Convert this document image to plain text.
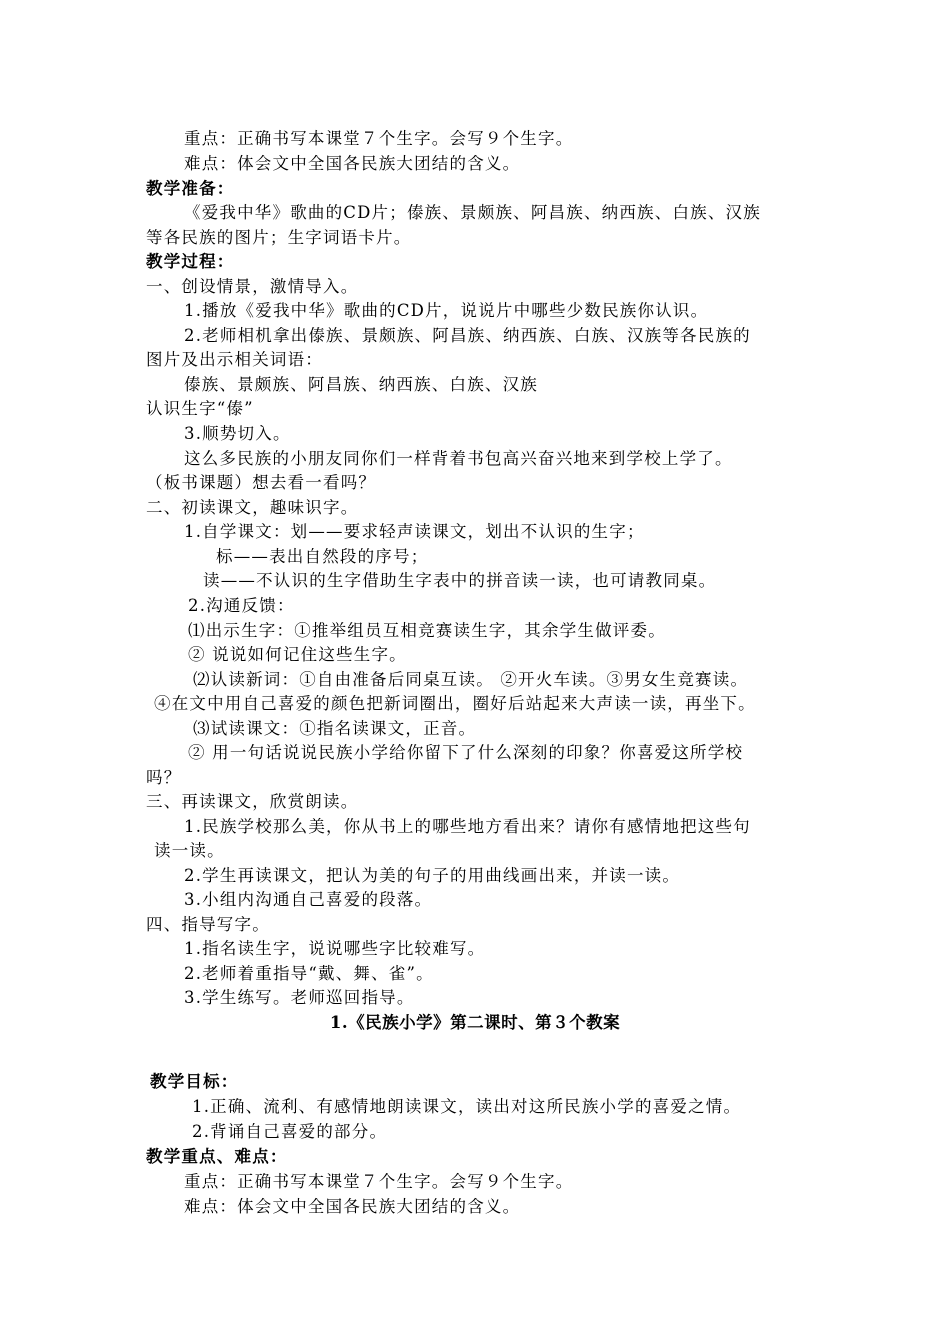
重点：正确书写本课堂７个生字。会写９个生字。
难点：体会文中全国各民族大团结的含义。
教学准备：
《爱我中华》歌曲的CD片；傣族、景颇族、阿昌族、纳西族、白族、汉族
等各民族的图片；生字词语卡片。
教学过程：
一、创设情景，激情导入。
1.播放《爱我中华》歌曲的CD片，说说片中哪些少数民族你认识。
2.老师相机拿出傣族、景颇族、阿昌族、纳西族、白族、汉族等各民族的
图片及出示相关词语：
傣族、景颇族、阿昌族、纳西族、白族、汉族
认识生字“傣”
3.顺势切入。
这么多民族的小朋友同你们一样背着书包高兴奋兴地来到学校上学了。
（板书课题）想去看一看吗？
二、初读课文，趣味识字。
1.自学课文：划——要求轻声读课文，划出不认识的生字；
标——表出自然段的序号；
读——不认识的生字借助生字表中的拼音读一读，也可请教同桌。
2.沟通反馈：
⑴出示生字：①推举组员互相竞赛读生字，其余学生做评委。
② 说说如何记住这些生字。
⑵认读新词：①自由准备后同桌互读。 ②开火车读。③男女生竞赛读。
④在文中用自己喜爱的颜色把新词圈出，圈好后站起来大声读一读，再坐下。
⑶试读课文：①指名读课文，正音。
② 用一句话说说民族小学给你留下了什么深刻的印象？你喜爱这所学校
吗？
三、再读课文，欣赏朗读。
1.民族学校那么美，你从书上的哪些地方看出来？请你有感情地把这些句
读一读。
2.学生再读课文，把认为美的句子的用曲线画出来，并读一读。
3.小组内沟通自己喜爱的段落。
四、指导写字。
1.指名读生字，说说哪些字比较难写。
2.老师着重指导“戴、舞、雀”。
3.学生练写。老师巡回指导。
1.《民族小学》第二课时、第３个教案
教学目标：
1.正确、流利、有感情地朗读课文，读出对这所民族小学的喜爱之情。
2.背诵自己喜爱的部分。
教学重点、难点：
重点：正确书写本课堂７个生字。会写９个生字。
难点：体会文中全国各民族大团结的含义。
